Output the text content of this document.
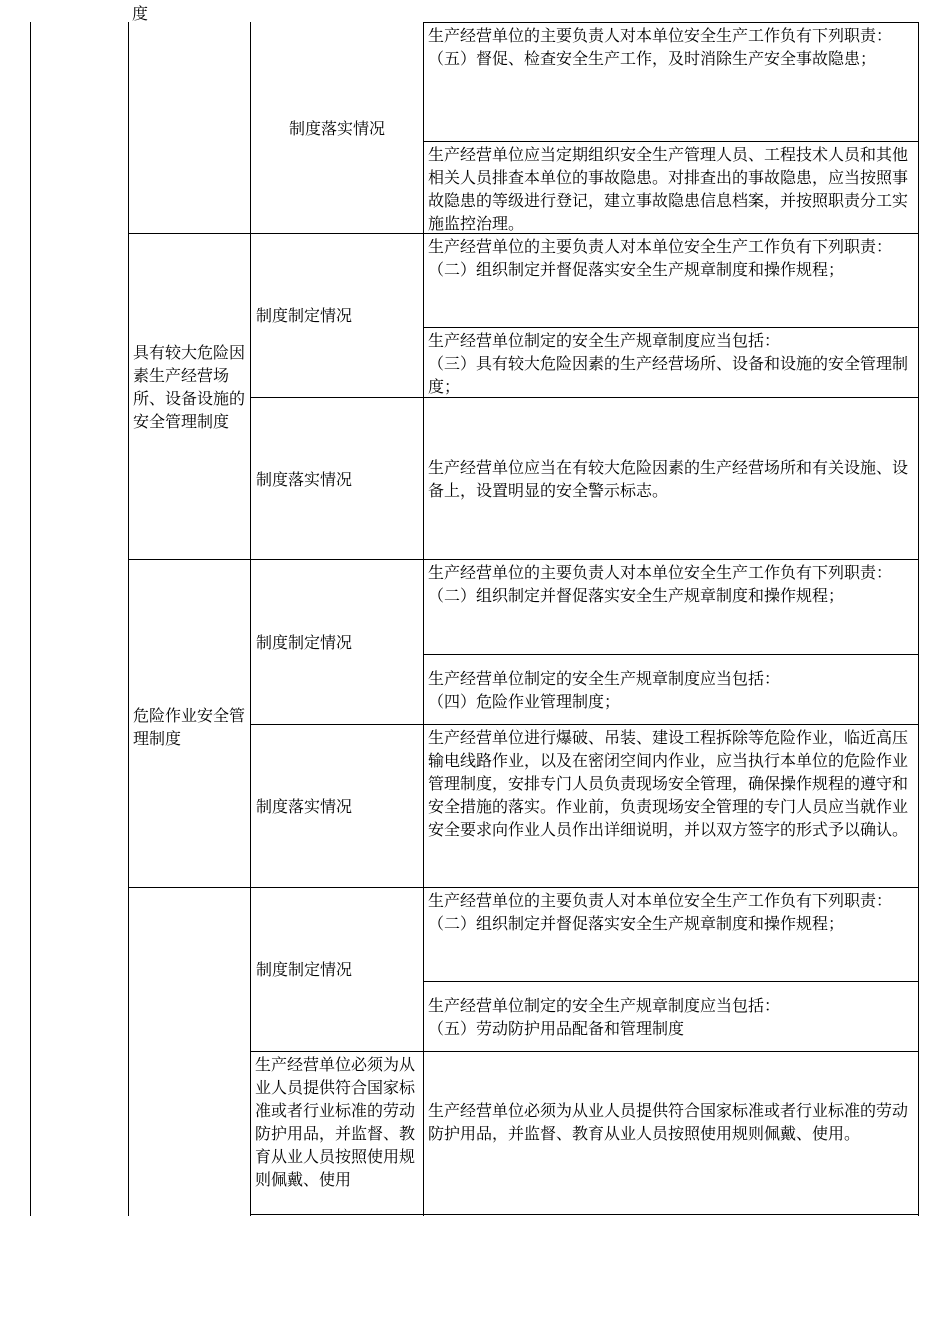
度
制度落实情况
生产经营单位的主要负责人对本单位安全生产工作负有下列职责：
（五）督促、检查安全生产工作，及时消除生产安全事故隐患；
生产经营单位应当定期组织安全生产管理人员、工程技术人员和其他相关人员排查本单位的事故隐患。对排查出的事故隐患，应当按照事故隐患的等级进行登记，建立事故隐患信息档案，并按照职责分工实施监控治理。
具有较大危险因素生产经营场所、设备设施的安全管理制度
制度制定情况
生产经营单位的主要负责人对本单位安全生产工作负有下列职责：
（二）组织制定并督促落实安全生产规章制度和操作规程；
生产经营单位制定的安全生产规章制度应当包括：
（三）具有较大危险因素的生产经营场所、设备和设施的安全管理制度；
制度落实情况
生产经营单位应当在有较大危险因素的生产经营场所和有关设施、设备上，设置明显的安全警示标志。
危险作业安全管理制度
制度制定情况
生产经营单位的主要负责人对本单位安全生产工作负有下列职责：
（二）组织制定并督促落实安全生产规章制度和操作规程；
生产经营单位制定的安全生产规章制度应当包括：
（四）危险作业管理制度；
制度落实情况
生产经营单位进行爆破、吊装、建设工程拆除等危险作业，临近高压输电线路作业，以及在密闭空间内作业，应当执行本单位的危险作业管理制度，安排专门人员负责现场安全管理，确保操作规程的遵守和安全措施的落实。作业前，负责现场安全管理的专门人员应当就作业安全要求向作业人员作出详细说明，并以双方签字的形式予以确认。
制度制定情况
生产经营单位的主要负责人对本单位安全生产工作负有下列职责：
（二）组织制定并督促落实安全生产规章制度和操作规程；
生产经营单位制定的安全生产规章制度应当包括：
（五）劳动防护用品配备和管理制度
生产经营单位必须为从业人员提供符合国家标准或者行业标准的劳动防护用品，并监督、教育从业人员按照使用规则佩戴、使用
生产经营单位必须为从业人员提供符合国家标准或者行业标准的劳动防护用品，并监督、教育从业人员按照使用规则佩戴、使用。
